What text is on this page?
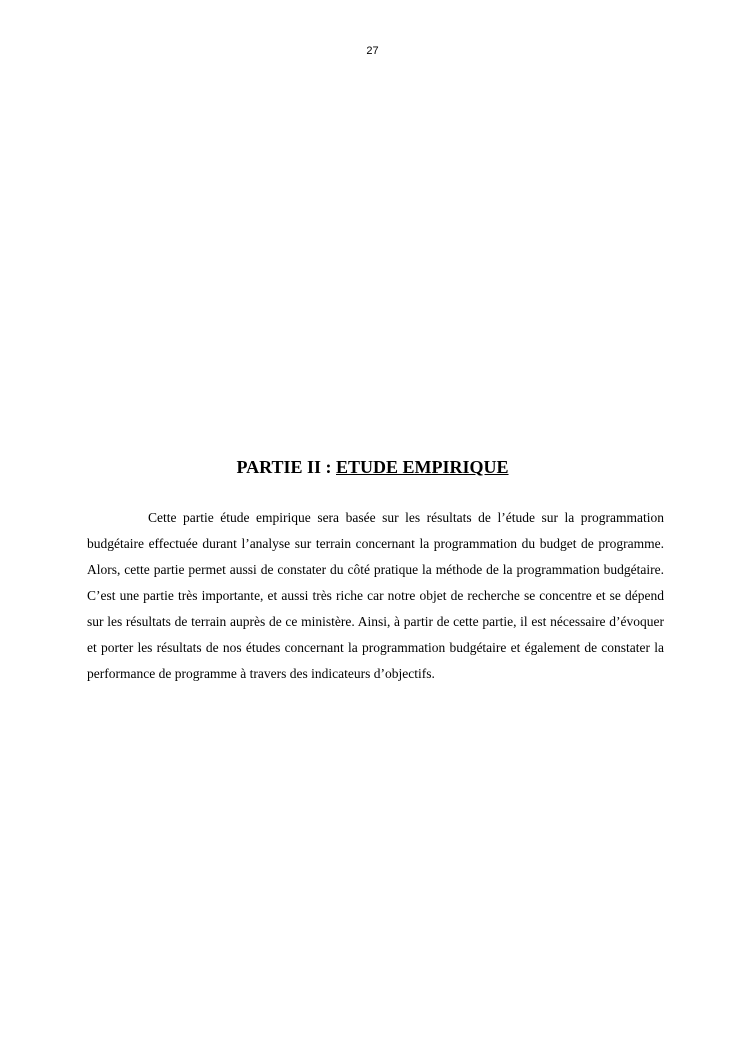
27
PARTIE II : ETUDE EMPIRIQUE

Cette partie étude empirique sera basée sur les résultats de l’étude sur la programmation budgétaire effectuée durant l’analyse sur terrain concernant la programmation du budget de programme. Alors, cette partie permet aussi de constater du côté pratique la méthode de la programmation budgétaire. C’est une partie très importante, et aussi très riche car notre objet de recherche se concentre et se dépend sur les résultats de terrain auprès de ce ministère. Ainsi, à partir de cette partie, il est nécessaire d’évoquer et porter les résultats de nos études concernant la programmation budgétaire et également de constater la performance de programme à travers des indicateurs d’objectifs.
